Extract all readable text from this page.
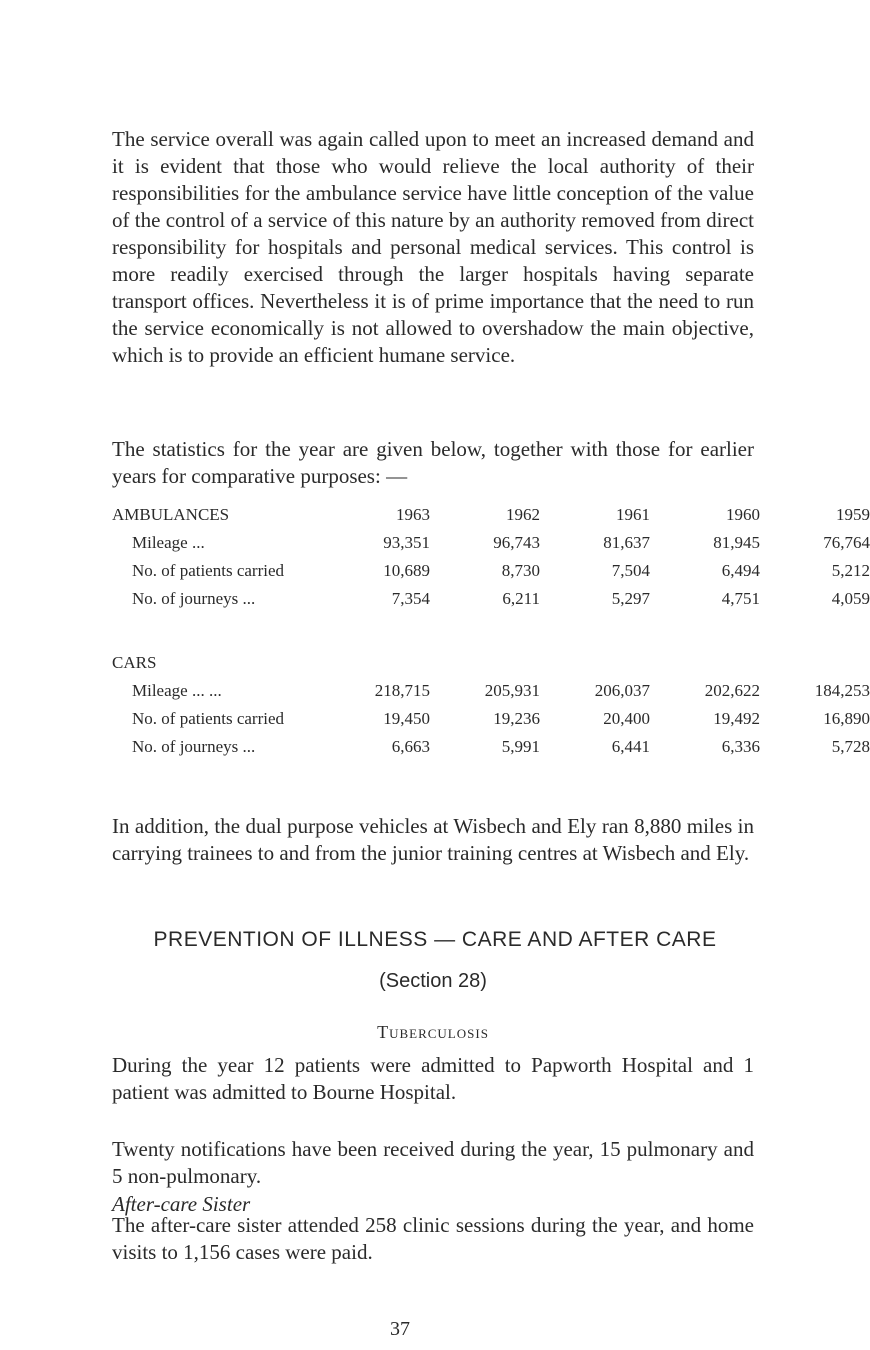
The service overall was again called upon to meet an increased demand and it is evident that those who would relieve the local authority of their responsibilities for the ambulance service have little conception of the value of the control of a service of this nature by an authority removed from direct responsibility for hospitals and personal medical services. This control is more readily exercised through the larger hospitals having separate transport offices. Nevertheless it is of prime importance that the need to run the service economically is not allowed to overshadow the main objective, which is to provide an efficient humane service.

The statistics for the year are given below, together with those for earlier years for comparative purposes: —

AMBULANCES	1963	1962	1961	1960	1959
Mileage ...	93,351	96,743	81,637	81,945	76,764
No. of patients carried	10,689	8,730	7,504	6,494	5,212
No. of journeys ...	7,354	6,211	5,297	4,751	4,059
CARS
Mileage ... ...	218,715	205,931	206,037	202,622	184,253
No. of patients carried	19,450	19,236	20,400	19,492	16,890
No. of journeys ...	6,663	5,991	6,441	6,336	5,728

In addition, the dual purpose vehicles at Wisbech and Ely ran 8,880 miles in carrying trainees to and from the junior training centres at Wisbech and Ely.

PREVENTION OF ILLNESS — CARE AND AFTER CARE
(Section 28)
Tuberculosis

During the year 12 patients were admitted to Papworth Hospital and 1 patient was admitted to Bourne Hospital.

Twenty notifications have been received during the year, 15 pulmonary and 5 non-pulmonary.

After-care Sister

The after-care sister attended 258 clinic sessions during the year, and home visits to 1,156 cases were paid.

37
